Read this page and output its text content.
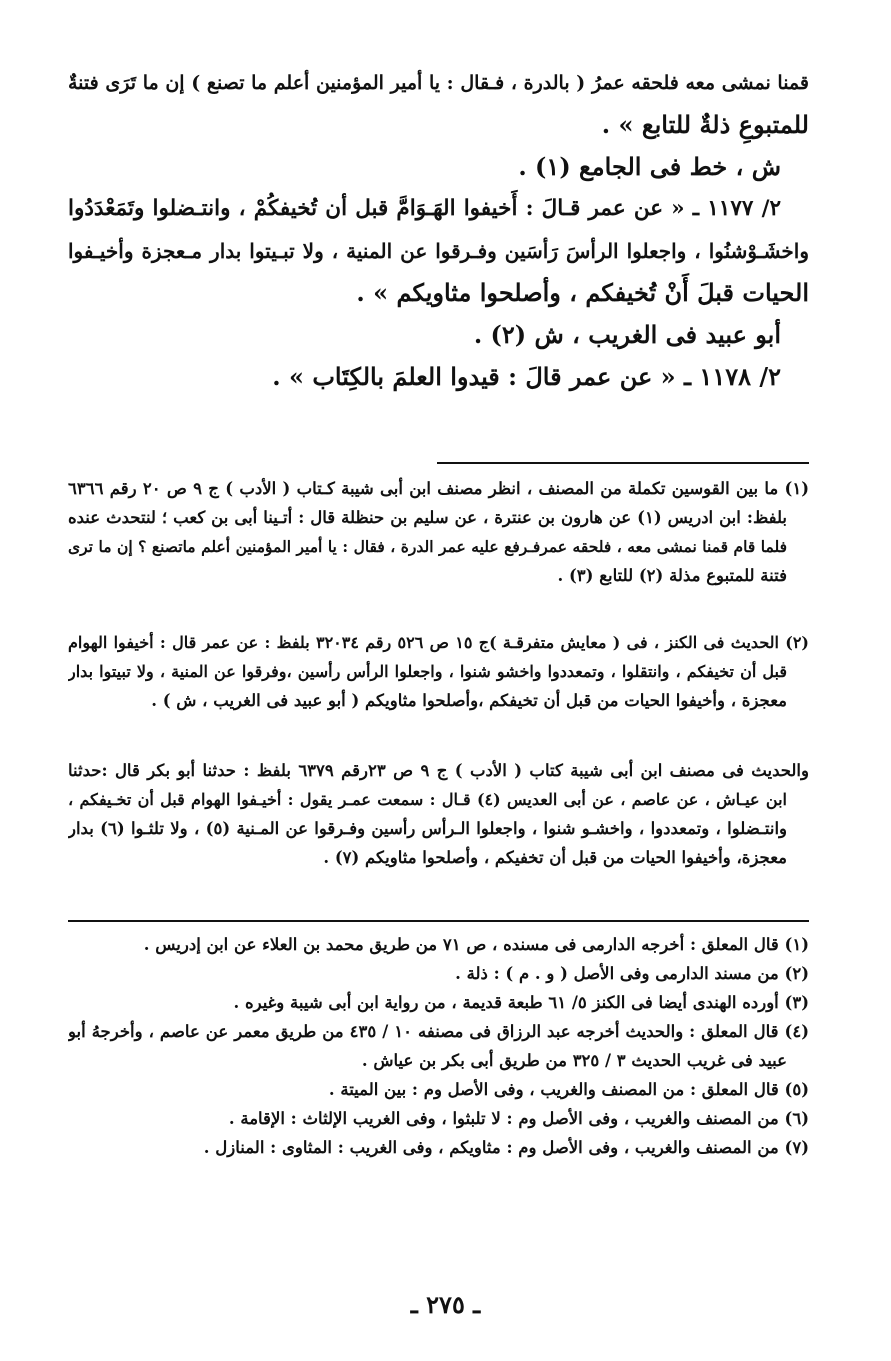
قمنا نمشى معه فلحقه عمرُ ( بالدرة ، فـقال : يا أمير المؤمنين أعلم ما تصنع ) إن ما تَرَى فتنةٌ
للمتبوعِ ذلةٌ للتابع » .
ش ، خط فى الجامع (١) .
٢/ ١١٧٧ ـ « عن عمر قـالَ : أَخيفوا الهَـوَامَّ قبل أن تُخيفكُمْ ، وانتـضلوا وتَمَعْدَدُوا
واخشَـوْشنُوا ، واجعلوا الرأسَ رَأسَين وفـرقوا عن المنية ، ولا تبـيتوا بدار مـعجزة وأخيـفوا
الحيات قبلَ أَنْ تُخيفكم ، وأصلحوا مثاويكم » .
أبو عبيد فى الغريب ، ش (٢) .
٢/ ١١٧٨ ـ « عن عمر قالَ : قيدوا العلمَ بالكِتَاب » .
(١) ما بين القوسين تكملة من المصنف ، انظر مصنف ابن أبى شيبة كـتاب ( الأدب ) ج ٩ ص ٢٠ رقم ٦٣٦٦
بلفظ: ابن ادريس (١) عن هارون بن عنترة ، عن سليم بن حنظلة قال : أتـينا أبى بن كعب ؛ لنتحدث عنده
فلما قام قمنا نمشى معه ، فلحقه عمرفـرفع عليه عمر الدرة ، فقال : يا أمير المؤمنين أعلم ماتصنع ؟ إن ما ترى
فتنة للمتبوع مذلة (٢) للتابع (٣) .
(٢) الحديث فى الكنز ، فى ( معايش متفرقـة )ج ١٥ ص ٥٢٦ رقم ٣٢٠٣٤ بلفظ : عن عمر قال : أخيفوا الهوام
قبل أن تخيفكم ، وانتقلوا ، وتمعددوا واخشو شنوا ، واجعلوا الرأس رأسين ،وفرقوا عن المنية ، ولا تبيتوا بدار
معجزة ، وأخيفوا الحيات من قبل أن تخيفكم ،وأصلحوا مثاويكم ( أبو عبيد فى الغريب ، ش ) .
والحديث فى مصنف ابن أبى شيبة كتاب ( الأدب ) ج ٩ ص ٢٣رقم ٦٣٧٩ بلفظ : حدثنا أبو بكر قال :حدثنا
ابن عيـاش ، عن عاصم ، عن أبى العديس (٤) قـال : سمعت عمـر يقول : أخيـفوا الهوام قبل أن تخـيفكم ،
وانتـضلوا ، وتمعددوا ، واخشـو شنوا ، واجعلوا الـرأس رأسين وفـرقوا عن المـنية (٥) ، ولا تلثـوا (٦) بدار
معجزة، وأخيفوا الحيات من قبل أن تخفيكم ، وأصلحوا مثاويكم (٧) .
(١) قال المعلق : أخرجه الدارمى فى مسنده ، ص ٧١ من طريق محمد بن العلاء عن ابن إدريس .
(٢) من مسند الدارمى وفى الأصل ( و . م ) : ذلة .
(٣) أورده الهندى أيضا فى الكنز ٥/ ٦١ طبعة قديمة ، من رواية ابن أبى شيبة وغيره .
(٤) قال المعلق : والحديث أخرجه عبد الرزاق فى مصنفه ١٠ / ٤٣٥ من طريق معمر عن عاصم ، وأخرجهُ أبو
عبيد فى غريب الحديث ٣ / ٣٢٥ من طريق أبى بكر بن عياش .
(٥) قال المعلق : من المصنف والغريب ، وفى الأصل وم : بين الميتة .
(٦) من المصنف والغريب ، وفى الأصل وم : لا تلبثوا ، وفى الغريب الإلثاث : الإقامة .
(٧) من المصنف والغريب ، وفى الأصل وم : مثاويكم ، وفى الغريب : المثاوى : المنازل .
ـ ٢٧٥ ـ
